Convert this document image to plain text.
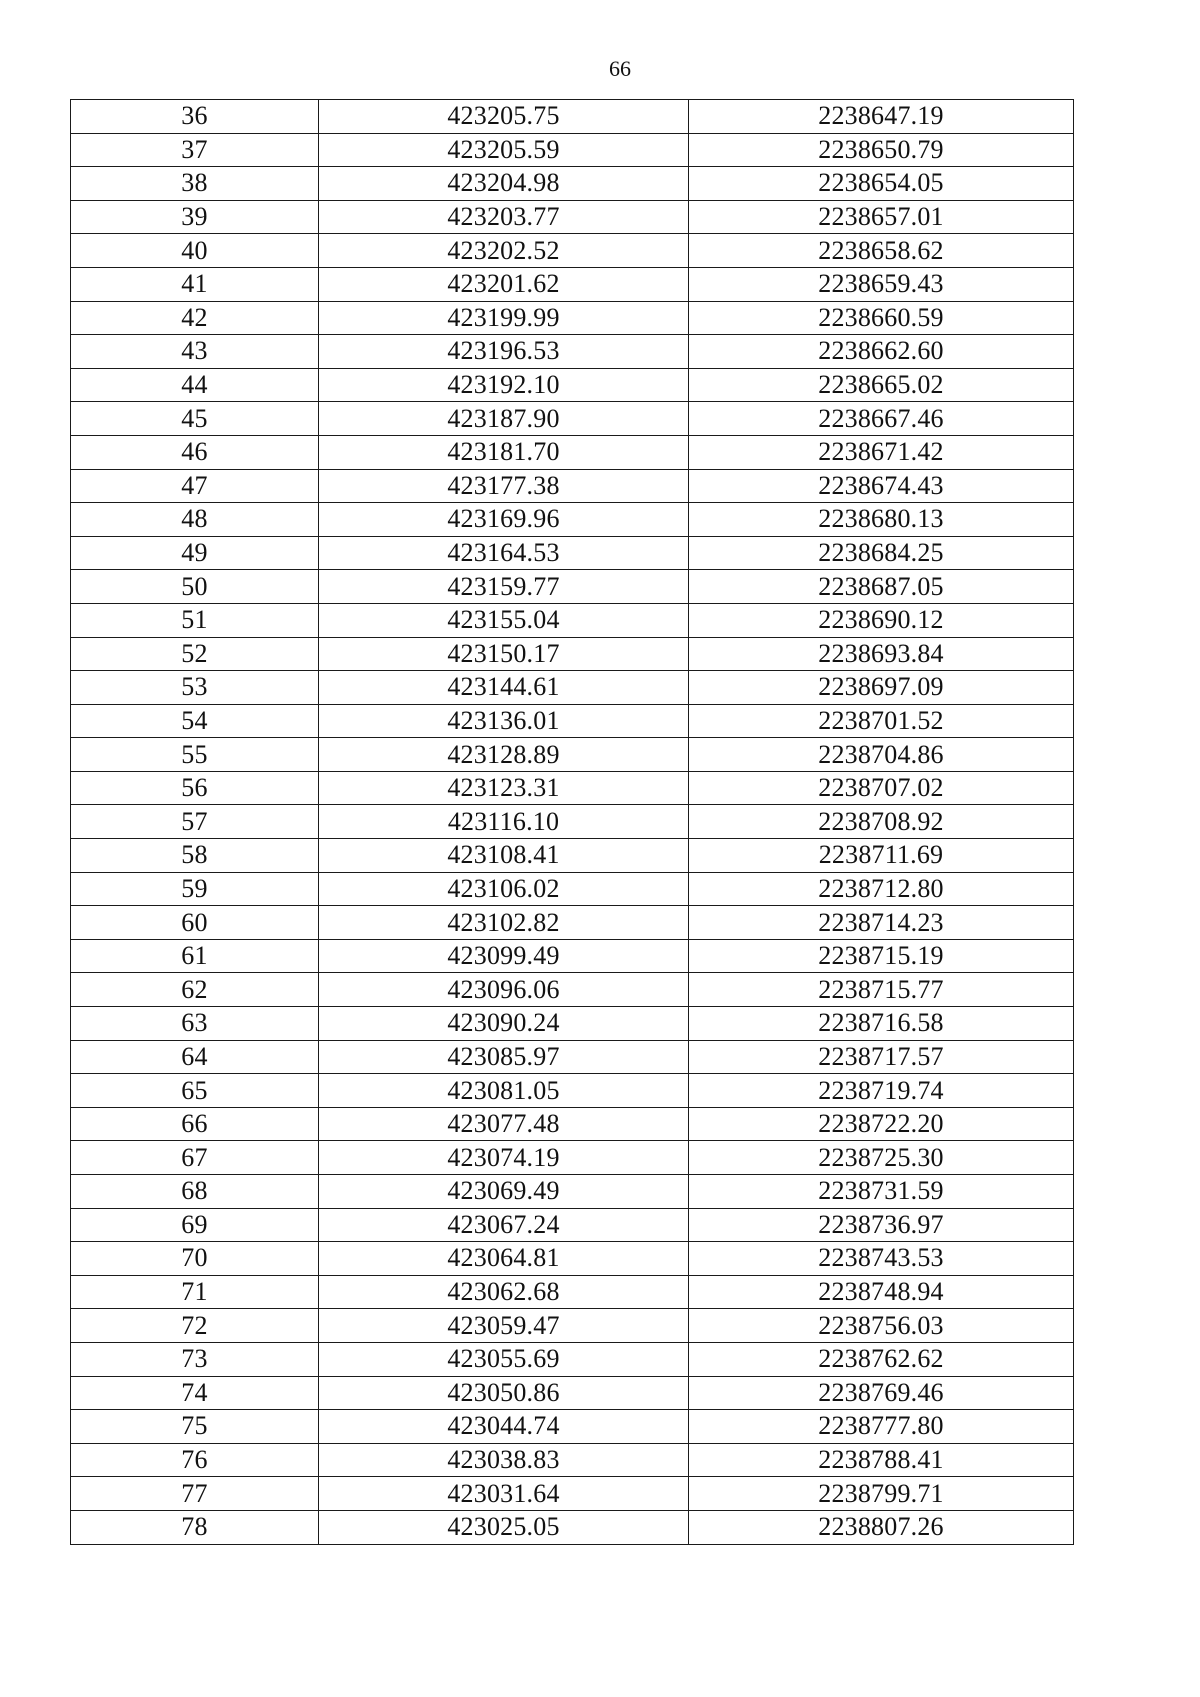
66
36	423205.75	2238647.19
37	423205.59	2238650.79
38	423204.98	2238654.05
39	423203.77	2238657.01
40	423202.52	2238658.62
41	423201.62	2238659.43
42	423199.99	2238660.59
43	423196.53	2238662.60
44	423192.10	2238665.02
45	423187.90	2238667.46
46	423181.70	2238671.42
47	423177.38	2238674.43
48	423169.96	2238680.13
49	423164.53	2238684.25
50	423159.77	2238687.05
51	423155.04	2238690.12
52	423150.17	2238693.84
53	423144.61	2238697.09
54	423136.01	2238701.52
55	423128.89	2238704.86
56	423123.31	2238707.02
57	423116.10	2238708.92
58	423108.41	2238711.69
59	423106.02	2238712.80
60	423102.82	2238714.23
61	423099.49	2238715.19
62	423096.06	2238715.77
63	423090.24	2238716.58
64	423085.97	2238717.57
65	423081.05	2238719.74
66	423077.48	2238722.20
67	423074.19	2238725.30
68	423069.49	2238731.59
69	423067.24	2238736.97
70	423064.81	2238743.53
71	423062.68	2238748.94
72	423059.47	2238756.03
73	423055.69	2238762.62
74	423050.86	2238769.46
75	423044.74	2238777.80
76	423038.83	2238788.41
77	423031.64	2238799.71
78	423025.05	2238807.26
